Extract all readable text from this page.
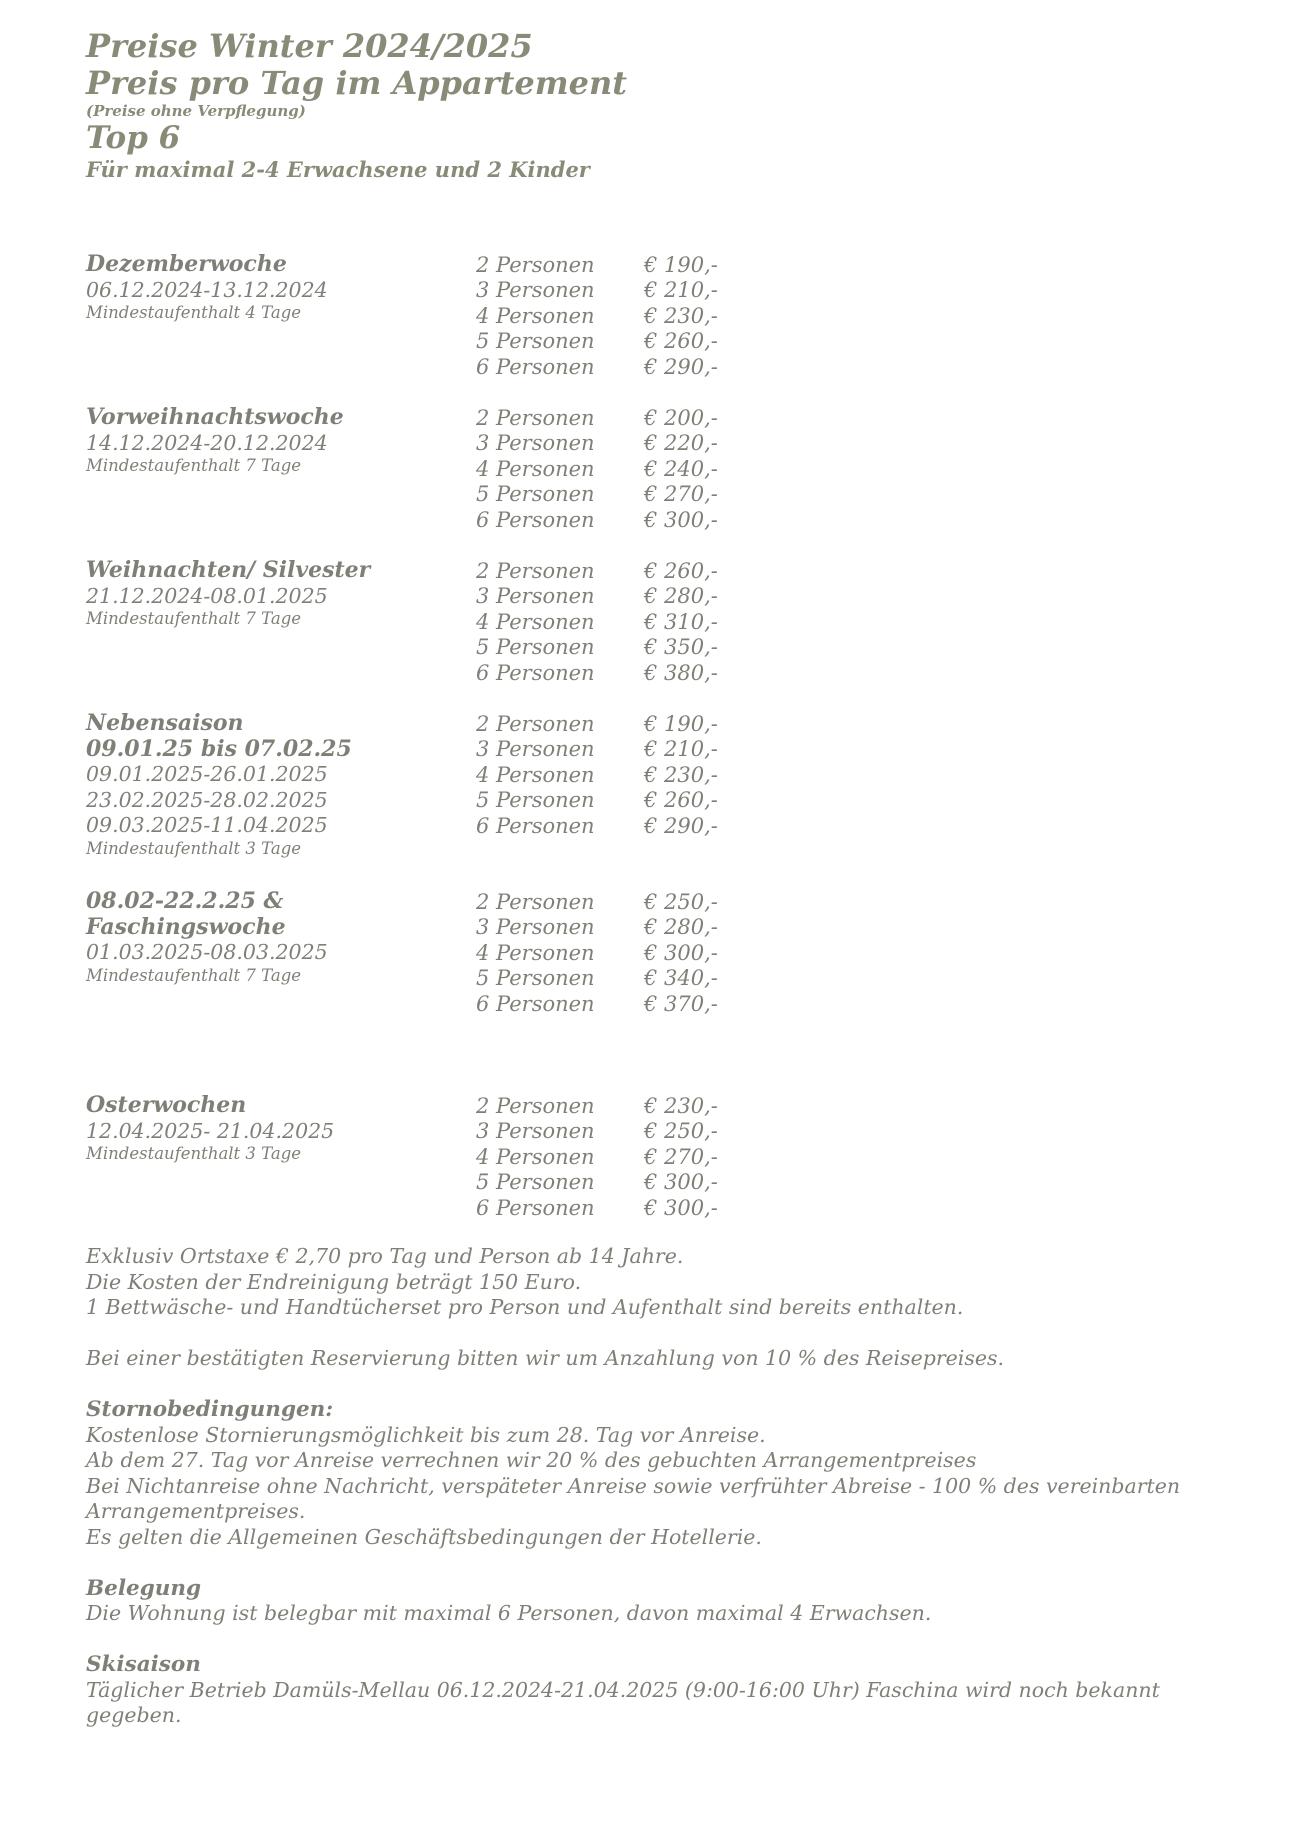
Preise Winter 2024/2025
Preis pro Tag im Appartement
(Preise ohne Verpflegung)
Top 6
Für maximal 2-4 Erwachsene und 2 Kinder
Dezemberwoche
06.12.2024-13.12.2024
Mindestaufenthalt 4 Tage
2 Personen	€ 190,-
3 Personen	€ 210,-
4 Personen	€ 230,-
5 Personen	€ 260,-
6 Personen	€ 290,-
Vorweihnachtswoche
14.12.2024-20.12.2024
Mindestaufenthalt 7 Tage
2 Personen	€ 200,-
3 Personen	€ 220,-
4 Personen	€ 240,-
5 Personen	€ 270,-
6 Personen	€ 300,-
Weihnachten/ Silvester
21.12.2024-08.01.2025
Mindestaufenthalt 7 Tage
2 Personen	€ 260,-
3 Personen	€ 280,-
4 Personen	€ 310,-
5 Personen	€ 350,-
6 Personen	€ 380,-
Nebensaison
09.01.25 bis 07.02.25
09.01.2025-26.01.2025
23.02.2025-28.02.2025
09.03.2025-11.04.2025
Mindestaufenthalt 3 Tage
2 Personen	€ 190,-
3 Personen	€ 210,-
4 Personen	€ 230,-
5 Personen	€ 260,-
6 Personen	€ 290,-
08.02-22.2.25 &
Faschingswoche
01.03.2025-08.03.2025
Mindestaufenthalt 7 Tage
2 Personen	€ 250,-
3 Personen	€ 280,-
4 Personen	€ 300,-
5 Personen	€ 340,-
6 Personen	€ 370,-
Osterwochen
12.04.2025- 21.04.2025
Mindestaufenthalt 3 Tage
2 Personen	€ 230,-
3 Personen	€ 250,-
4 Personen	€ 270,-
5 Personen	€ 300,-
6 Personen	€ 300,-
Exklusiv Ortstaxe € 2,70 pro Tag und Person ab 14 Jahre.
Die Kosten der Endreinigung beträgt 150 Euro.
1 Bettwäsche- und Handtücherset pro Person und Aufenthalt sind bereits enthalten.
Bei einer bestätigten Reservierung bitten wir um Anzahlung von 10 % des Reisepreises.
Stornobedingungen:
Kostenlose Stornierungsmöglichkeit bis zum 28. Tag vor Anreise.
Ab dem 27. Tag vor Anreise verrechnen wir 20 % des gebuchten Arrangementpreises
Bei Nichtanreise ohne Nachricht, verspäteter Anreise sowie verfrühter Abreise - 100 % des vereinbarten Arrangementpreises.
Es gelten die Allgemeinen Geschäftsbedingungen der Hotellerie.
Belegung
Die Wohnung ist belegbar mit maximal 6 Personen, davon maximal 4 Erwachsen.
Skisaison
Täglicher Betrieb Damüls-Mellau 06.12.2024-21.04.2025 (9:00-16:00 Uhr) Faschina wird noch bekannt gegeben.
